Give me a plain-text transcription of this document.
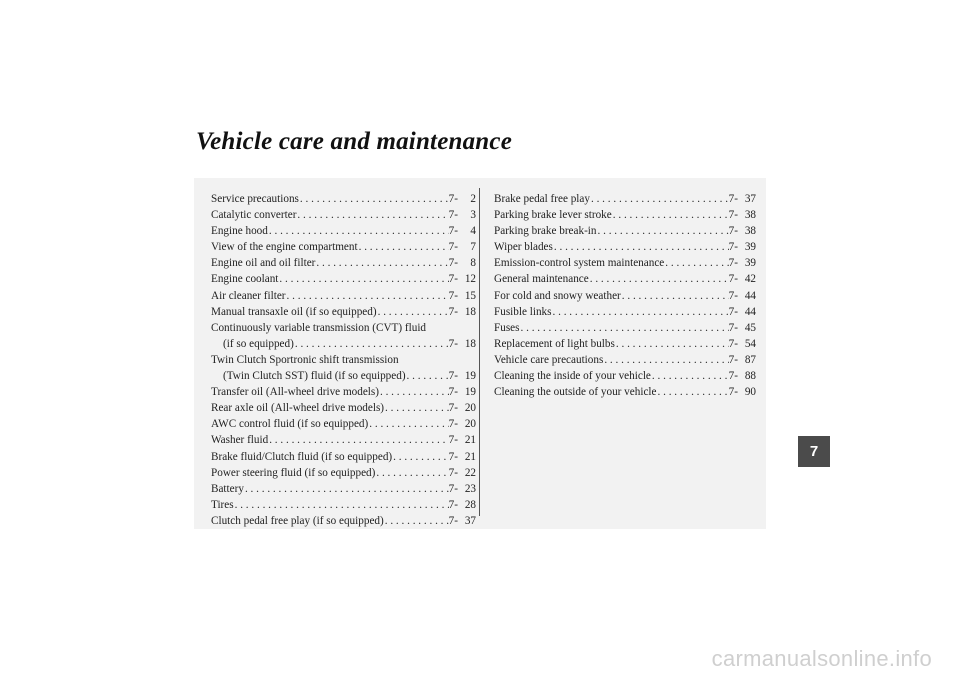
Vehicle care and maintenance
Service precautions . . .	7- 2
Catalytic converter . . .	7- 3
Engine hood . . .	7- 4
View of the engine compartment . . .	7- 7
Engine oil and oil filter . . .	7- 8
Engine coolant . . .	7- 12
Air cleaner filter . . .	7- 15
Manual transaxle oil (if so equipped) . . .	7- 18
Continuously variable transmission (CVT) fluid
(if so equipped) . . .	7- 18
Twin Clutch Sportronic shift transmission
(Twin Clutch SST) fluid (if so equipped) . . .	7- 19
Transfer oil (All-wheel drive models) . . .	7- 19
Rear axle oil (All-wheel drive models) . . .	7- 20
AWC control fluid (if so equipped) . . .	7- 20
Washer fluid . . .	7- 21
Brake fluid/Clutch fluid (if so equipped) . . .	7- 21
Power steering fluid (if so equipped) . . .	7- 22
Battery . . .	7- 23
Tires . . .	7- 28
Clutch pedal free play (if so equipped) . . .	7- 37
Brake pedal free play . . .	7- 37
Parking brake lever stroke . . .	7- 38
Parking brake break-in . . .	7- 38
Wiper blades . . .	7- 39
Emission-control system maintenance . . .	7- 39
General maintenance . . .	7- 42
For cold and snowy weather . . .	7- 44
Fusible links . . .	7- 44
Fuses . . .	7- 45
Replacement of light bulbs . . .	7- 54
Vehicle care precautions . . .	7- 87
Cleaning the inside of your vehicle . . .	7- 88
Cleaning the outside of your vehicle . . .	7- 90
7
carmanualsonline.info
